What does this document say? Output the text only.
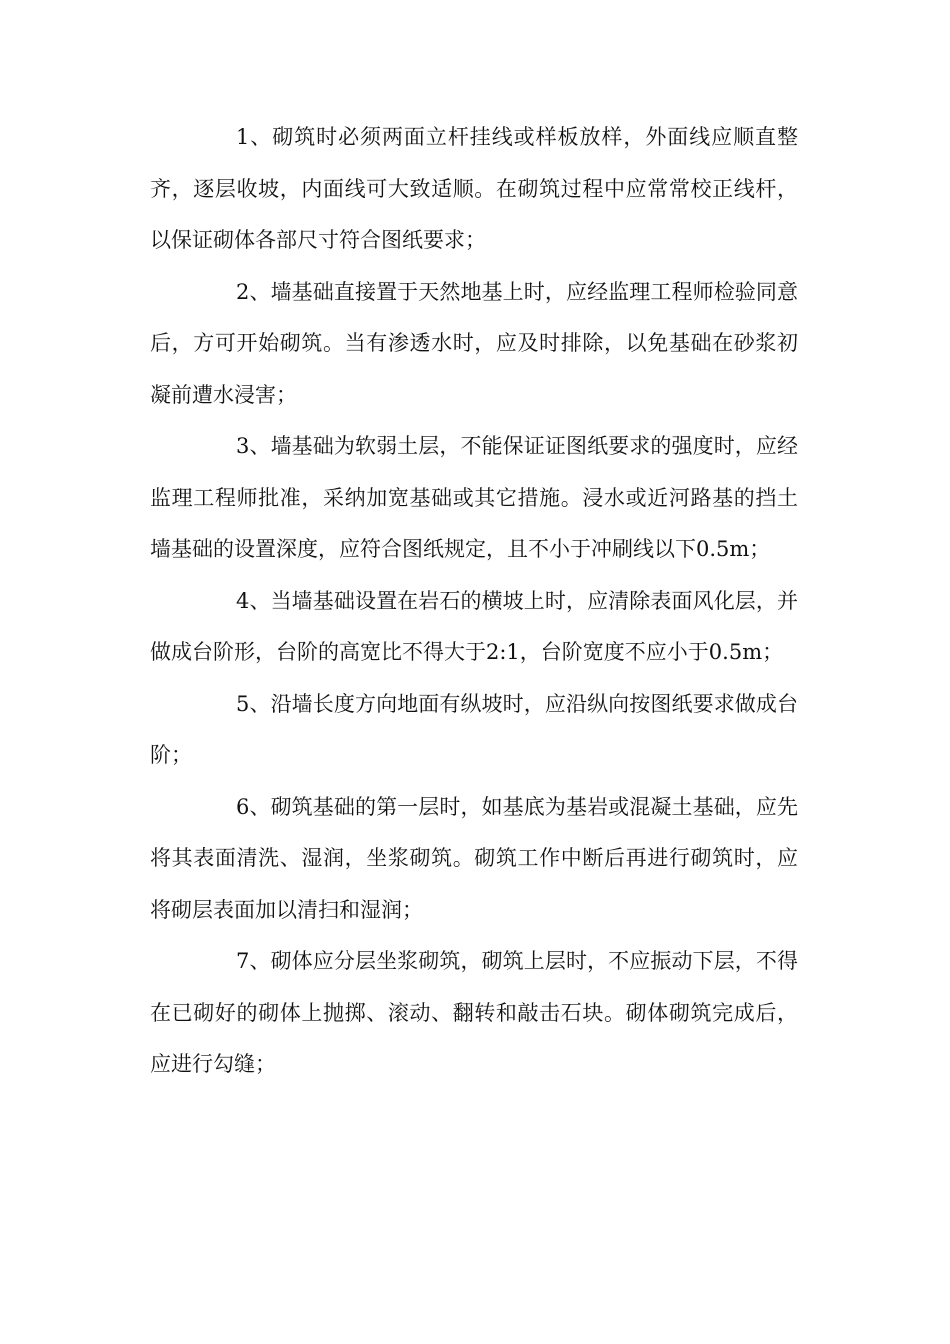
1、砌筑时必须两面立杆挂线或样板放样，外面线应顺直整齐，逐层收坡，内面线可大致适顺。在砌筑过程中应常常校正线杆，以保证砌体各部尺寸符合图纸要求；

2、墙基础直接置于天然地基上时，应经监理工程师检验同意后，方可开始砌筑。当有渗透水时，应及时排除，以免基础在砂浆初凝前遭水浸害；

3、墙基础为软弱土层，不能保证证图纸要求的强度时，应经监理工程师批准，采纳加宽基础或其它措施。浸水或近河路基的挡土墙基础的设置深度，应符合图纸规定，且不小于冲刷线以下0.5m；

4、当墙基础设置在岩石的横坡上时，应清除表面风化层，并做成台阶形，台阶的高宽比不得大于2:1，台阶宽度不应小于0.5m；

5、沿墙长度方向地面有纵坡时，应沿纵向按图纸要求做成台阶；

6、砌筑基础的第一层时，如基底为基岩或混凝土基础，应先将其表面清洗、湿润，坐浆砌筑。砌筑工作中断后再进行砌筑时，应将砌层表面加以清扫和湿润；

7、砌体应分层坐浆砌筑，砌筑上层时，不应振动下层，不得在已砌好的砌体上抛掷、滚动、翻转和敲击石块。砌体砌筑完成后，应进行勾缝；
